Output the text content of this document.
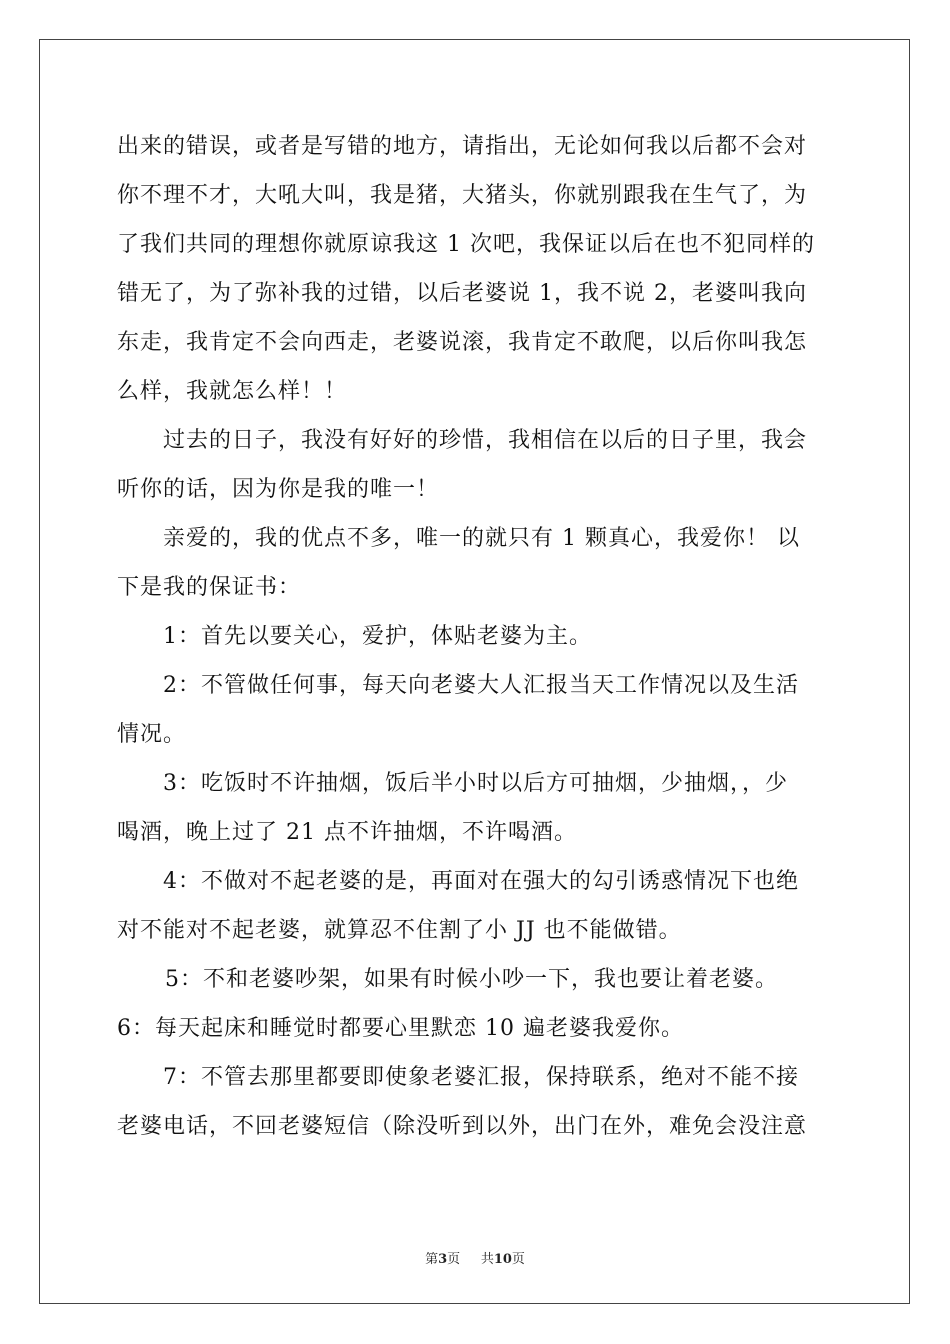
出来的错误，或者是写错的地方，请指出，无论如何我以后都不会对

你不理不才，大吼大叫，我是猪，大猪头，你就别跟我在生气了，为

了我们共同的理想你就原谅我这 1 次吧，我保证以后在也不犯同样的

错无了，为了弥补我的过错，以后老婆说 1，我不说 2，老婆叫我向

东走，我肯定不会向西走，老婆说滚，我肯定不敢爬，以后你叫我怎

么样，我就怎么样！！

过去的日子，我没有好好的珍惜，我相信在以后的日子里，我会

听你的话，因为你是我的唯一！

亲爱的，我的优点不多，唯一的就只有 1 颗真心，我爱你！ 以

下是我的保证书：

1：首先以要关心，爱护，体贴老婆为主。

2：不管做任何事，每天向老婆大人汇报当天工作情况以及生活

情况。

3：吃饭时不许抽烟，饭后半小时以后方可抽烟，少抽烟，，少

喝酒，晚上过了 21 点不许抽烟，不许喝酒。

4：不做对不起老婆的是，再面对在强大的勾引诱惑情况下也绝

对不能对不起老婆，就算忍不住割了小 JJ 也不能做错。

5：不和老婆吵架，如果有时候小吵一下，我也要让着老婆。

6：每天起床和睡觉时都要心里默恋 10 遍老婆我爱你。

7：不管去那里都要即使象老婆汇报，保持联系，绝对不能不接

老婆电话，不回老婆短信（除没听到以外，出门在外，难免会没注意

第3页 共10页
